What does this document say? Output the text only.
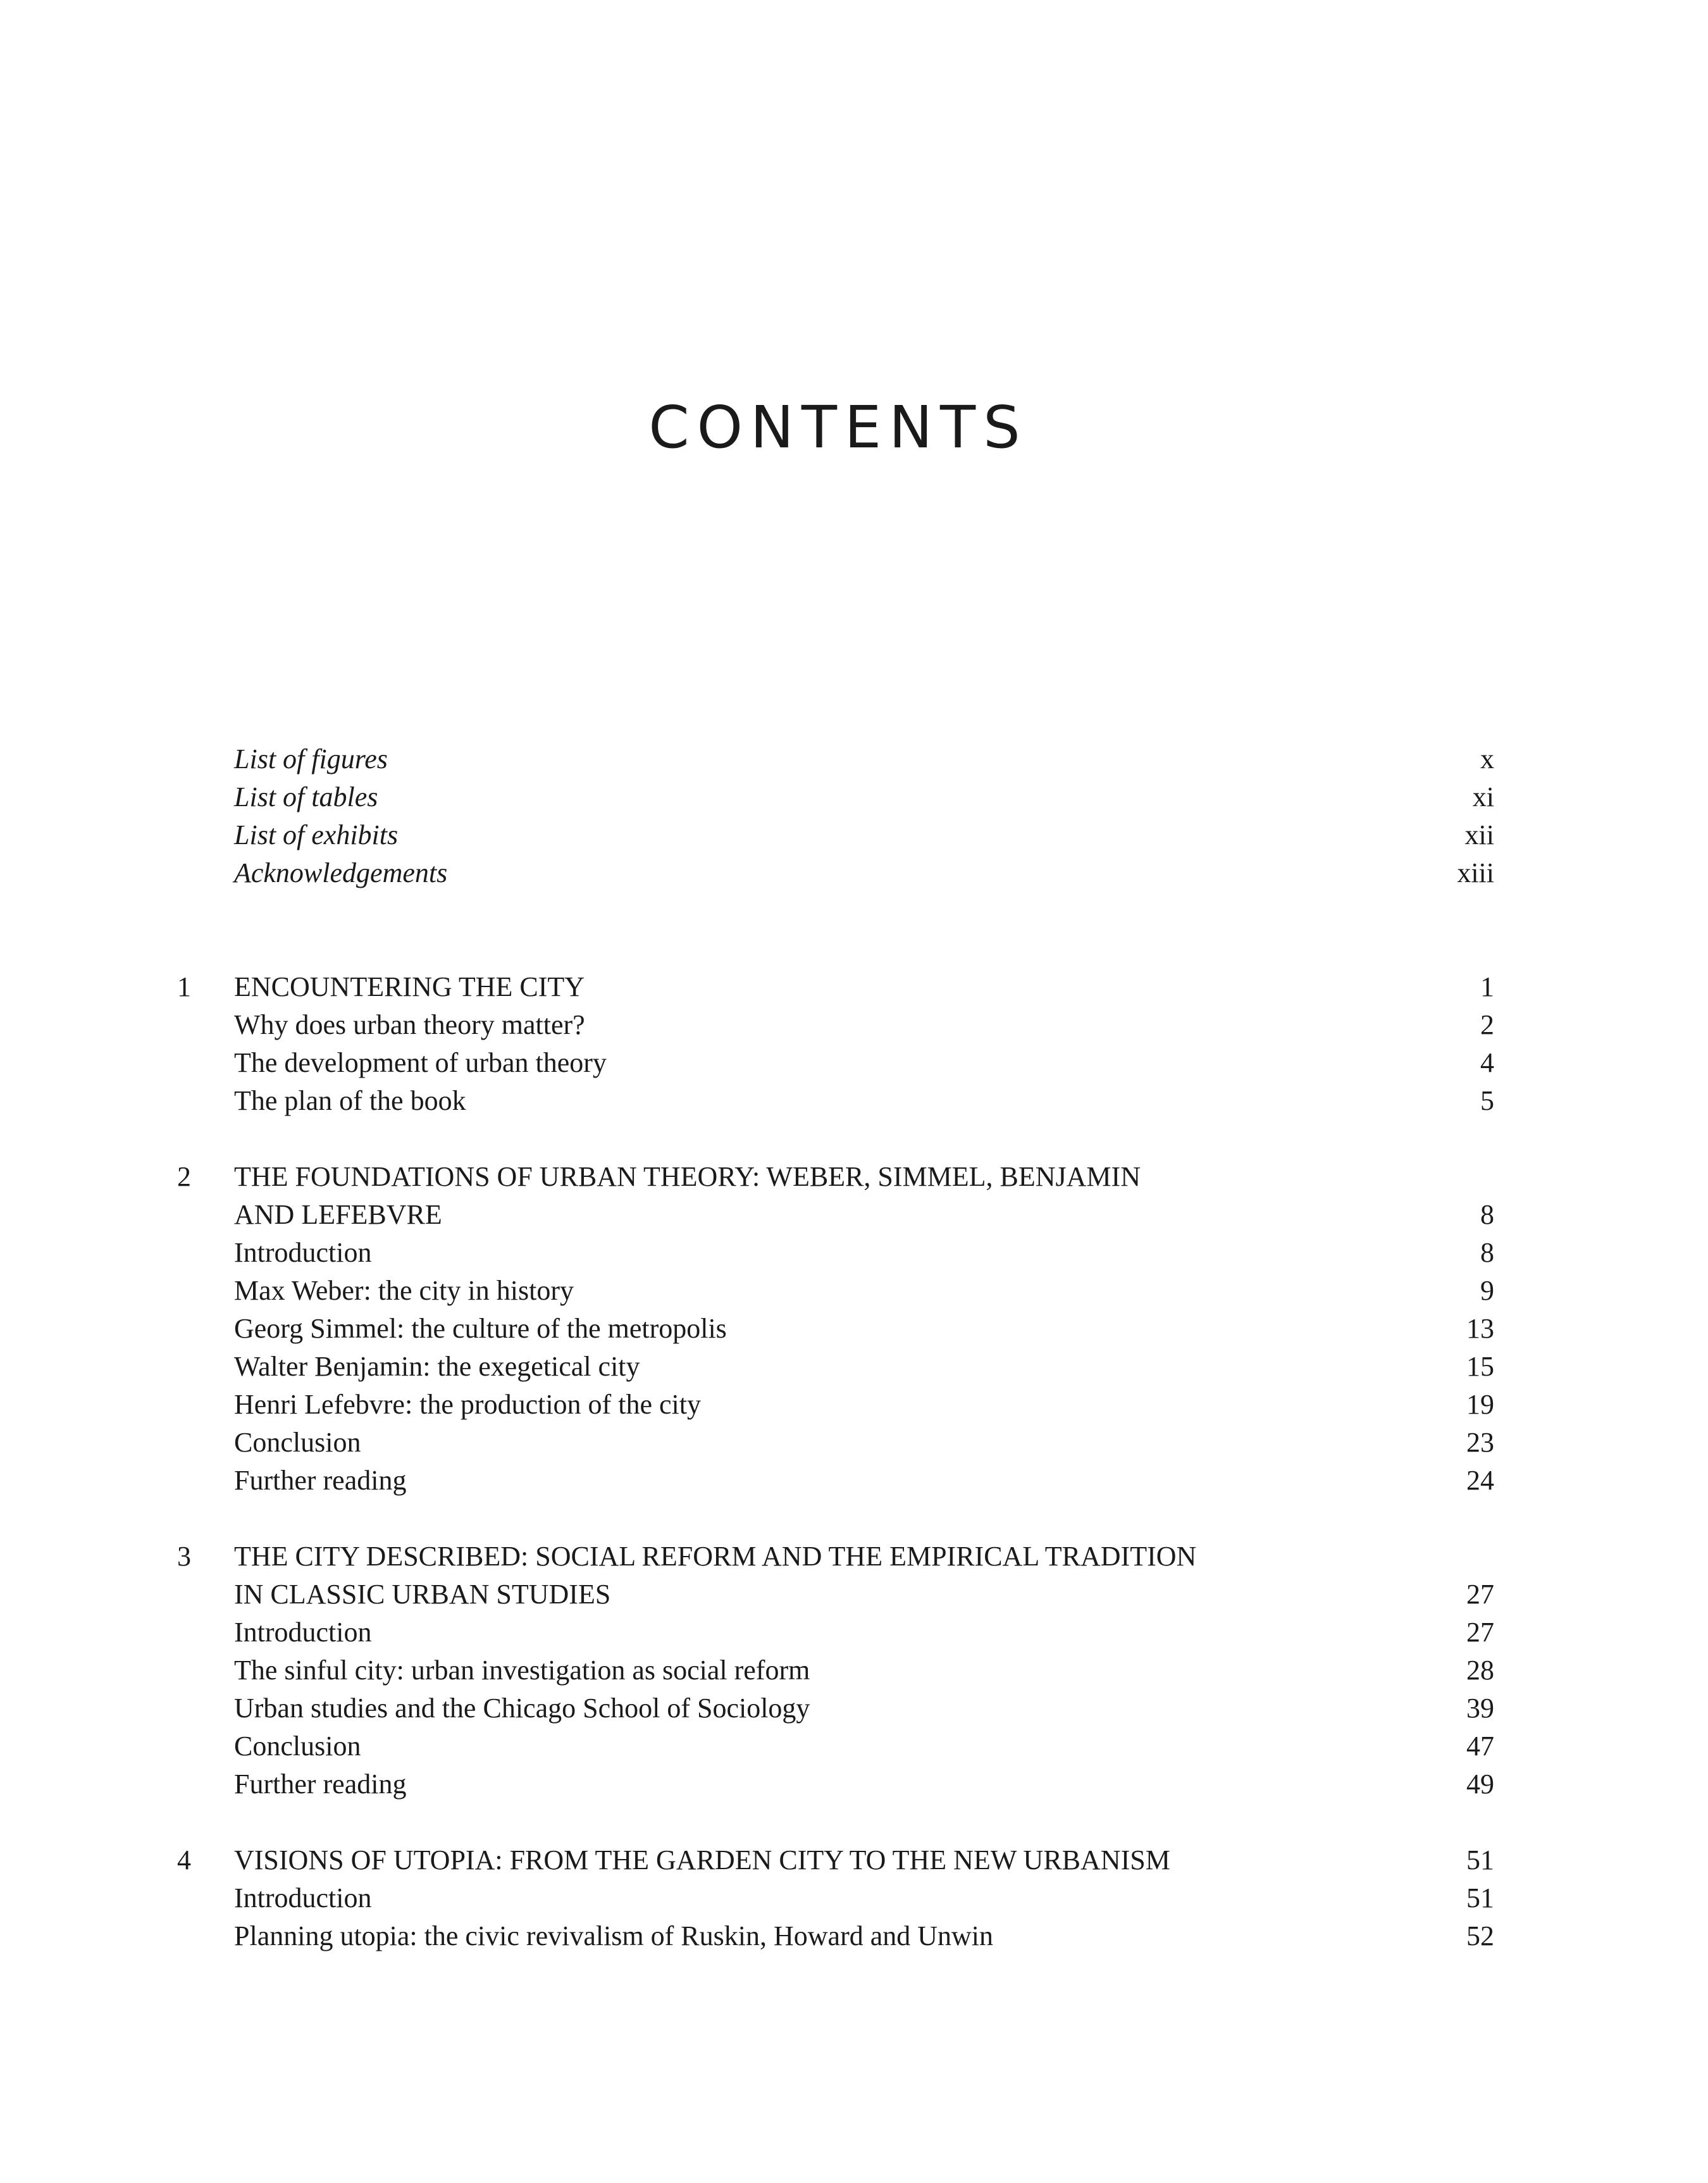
CONTENTS
List of figures	x
List of tables	xi
List of exhibits	xii
Acknowledgements	xiii
1 ENCOUNTERING THE CITY	1
Why does urban theory matter?	2
The development of urban theory	4
The plan of the book	5
2 THE FOUNDATIONS OF URBAN THEORY: WEBER, SIMMEL, BENJAMIN
AND LEFEBVRE	8
Introduction	8
Max Weber: the city in history	9
Georg Simmel: the culture of the metropolis	13
Walter Benjamin: the exegetical city	15
Henri Lefebvre: the production of the city	19
Conclusion	23
Further reading	24
3 THE CITY DESCRIBED: SOCIAL REFORM AND THE EMPIRICAL TRADITION
IN CLASSIC URBAN STUDIES	27
Introduction	27
The sinful city: urban investigation as social reform	28
Urban studies and the Chicago School of Sociology	39
Conclusion	47
Further reading	49
4 VISIONS OF UTOPIA: FROM THE GARDEN CITY TO THE NEW URBANISM	51
Introduction	51
Planning utopia: the civic revivalism of Ruskin, Howard and Unwin	52
